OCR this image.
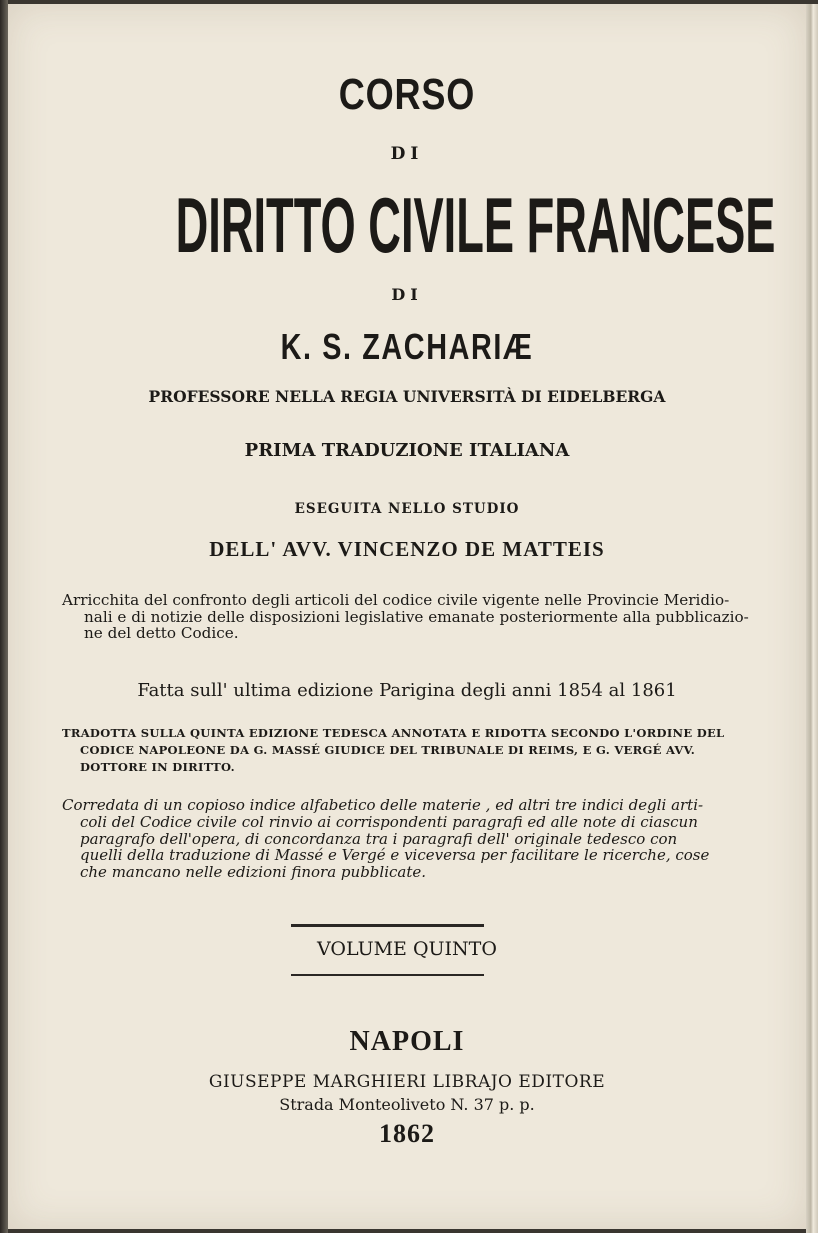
CORSO
DI
DIRITTO CIVILE FRANCESE
DI
K. S. ZACHARIÆ
PROFESSORE NELLA REGIA UNIVERSITÀ DI EIDELBERGA
PRIMA TRADUZIONE ITALIANA
ESEGUITA NELLO STUDIO
DELL' AVV. VINCENZO DE MATTEIS
Arricchita del confronto degli articoli del codice civile vigente nelle Provincie Meridio-
nali e di notizie delle disposizioni legislative emanate posteriormente alla pubblicazio-
ne del detto Codice.
Fatta sull' ultima edizione Parigina degli anni 1854 al 1861
TRADOTTA SULLA QUINTA EDIZIONE TEDESCA ANNOTATA E RIDOTTA SECONDO L'ORDINE DEL
CODICE NAPOLEONE DA G. MASSÉ GIUDICE DEL TRIBUNALE DI REIMS, E G. VERGÉ AVV.
DOTTORE IN DIRITTO.
Corredata di un copioso indice alfabetico delle materie , ed altri tre indici degli arti-
coli del Codice civile col rinvio ai corrispondenti paragrafi ed alle note di ciascun
paragrafo dell'opera, di concordanza tra i paragrafi dell' originale tedesco con
quelli della traduzione di Massé e Vergé e viceversa per facilitare le ricerche, cose
che mancano nelle edizioni finora pubblicate.
VOLUME QUINTO
NAPOLI
GIUSEPPE MARGHIERI LIBRAJO EDITORE
Strada Monteoliveto N. 37 p. p.
1862
